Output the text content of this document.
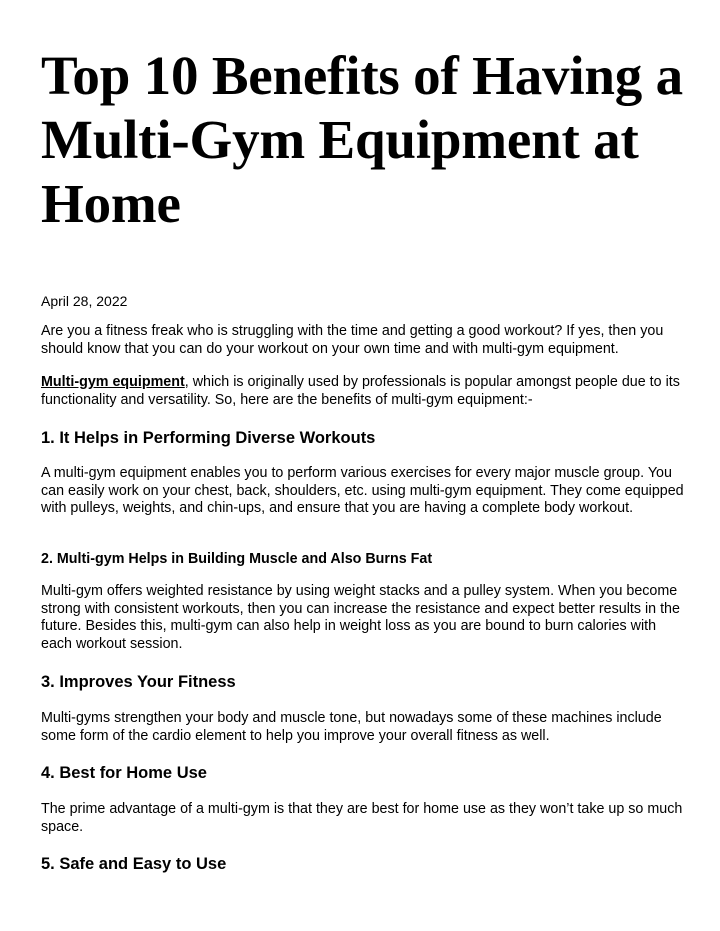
Top 10 Benefits of Having a Multi-Gym Equipment at Home

April 28, 2022

Are you a fitness freak who is struggling with the time and getting a good workout? If yes, then you should know that you can do your workout on your own time and with multi-gym equipment.

Multi-gym equipment, which is originally used by professionals is popular amongst people due to its functionality and versatility. So, here are the benefits of multi-gym equipment:-

1. It Helps in Performing Diverse Workouts

A multi-gym equipment enables you to perform various exercises for every major muscle group. You can easily work on your chest, back, shoulders, etc. using multi-gym equipment. They come equipped with pulleys, weights, and chin-ups, and ensure that you are having a complete body workout.

2. Multi-gym Helps in Building Muscle and Also Burns Fat

Multi-gym offers weighted resistance by using weight stacks and a pulley system. When you become strong with consistent workouts, then you can increase the resistance and expect better results in the future. Besides this, multi-gym can also help in weight loss as you are bound to burn calories with each workout session.

3. Improves Your Fitness

Multi-gyms strengthen your body and muscle tone, but nowadays some of these machines include some form of the cardio element to help you improve your overall fitness as well.

4. Best for Home Use

The prime advantage of a multi-gym is that they are best for home use as they won’t take up so much space.

5. Safe and Easy to Use
